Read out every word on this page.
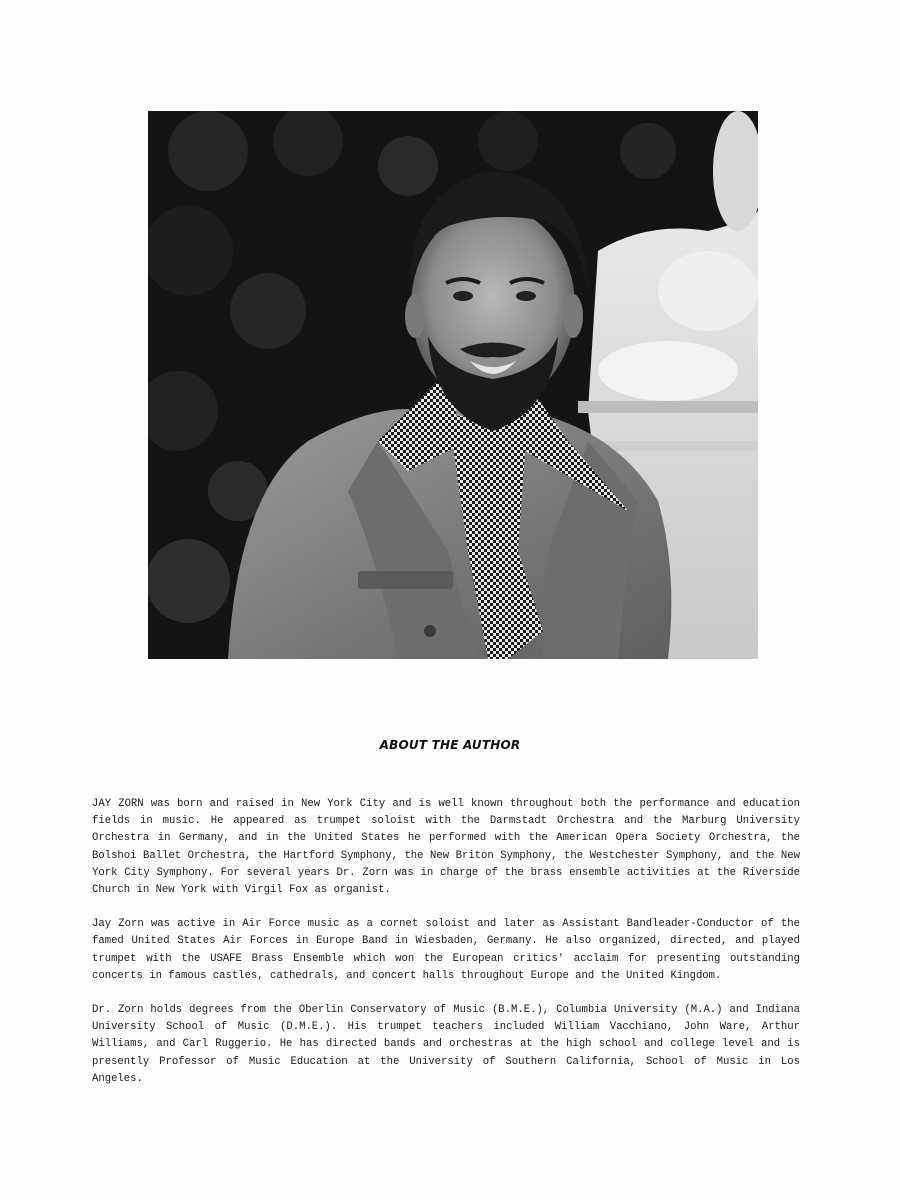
ABOUT THE AUTHOR

JAY ZORN was born and raised in New York City and is well known throughout both the performance and education fields in music. He appeared as trumpet soloist with the Darmstadt Orchestra and the Marburg University Orchestra in Germany, and in the United States he performed with the American Opera Society Orchestra, the Bolshoi Ballet Orchestra, the Hartford Symphony, the New Briton Symphony, the Westchester Symphony, and the New York City Symphony. For several years Dr. Zorn was in charge of the brass ensemble activities at the Riverside Church in New York with Virgil Fox as organist.

Jay Zorn was active in Air Force music as a cornet soloist and later as Assistant Bandleader-Conductor of the famed United States Air Forces in Europe Band in Wiesbaden, Germany. He also organized, directed, and played trumpet with the USAFE Brass Ensemble which won the European critics' acclaim for presenting outstanding concerts in famous castles, cathedrals, and concert halls throughout Europe and the United Kingdom.

Dr. Zorn holds degrees from the Oberlin Conservatory of Music (B.M.E.), Columbia University (M.A.) and Indiana University School of Music (D.M.E.). His trumpet teachers included William Vacchiano, John Ware, Arthur Williams, and Carl Ruggerio. He has directed bands and orchestras at the high school and college level and is presently Professor of Music Education at the University of Southern California, School of Music in Los Angeles.
